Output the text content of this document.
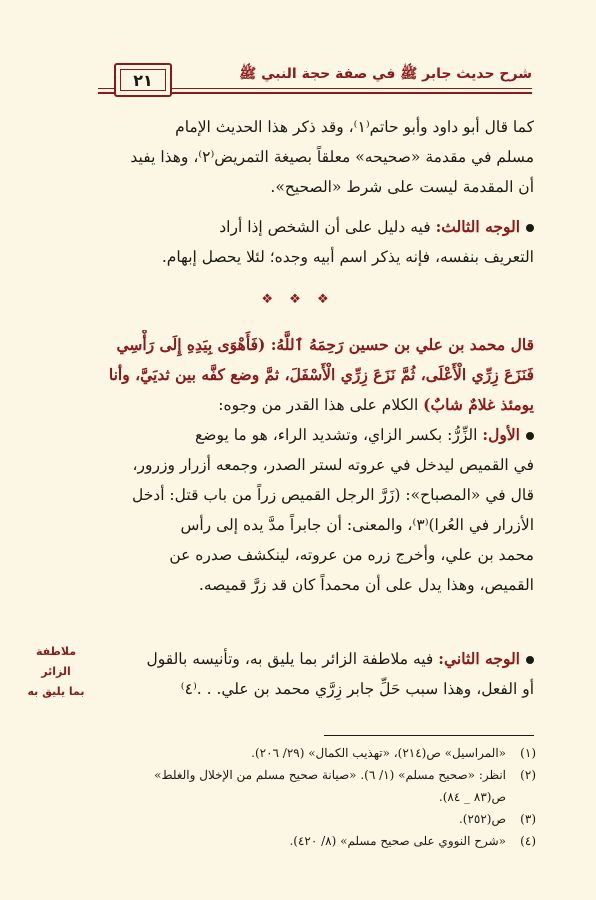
شرح حديث جابر ﷺ في صفة حجة النبي ﷺ
٢١
كما قال أبو داود وأبو حاتم⁽١⁾، وقد ذكر هذا الحديث الإمام
مسلم في مقدمة «صحيحه» معلقاً بصيغة التمريض⁽٢⁾، وهذا يفيد
أن المقدمة ليست على شرط «الصحيح».
الوجه الثالث: فيه دليل على أن الشخص إذا أراد
التعريف بنفسه، فإنه يذكر اسم أبيه وجده؛ لئلا يحصل إبهام.
❖ ❖ ❖
قال محمد بن علي بن حسين رَحِمَهُ ٱللَّهُ: (فَأَهْوَى بِيَدِهِ إِلَى رَأْسِي
فَنَزَعَ زِرِّي الْأَعْلَى، ثُمَّ نَزَعَ زِرِّي الْأَسْفَلَ، ثمَّ وضع كفَّه بين ثديَيَّ، وأنا
يومئذ غلامٌ شابٌ) الكلام على هذا القدر من وجوه:
الأول: الزِّرُّ: بكسر الزاي، وتشديد الراء، هو ما يوضع
في القميص ليدخل في عروته لستر الصدر، وجمعه أزرار وزرور،
قال في «المصباح»: (زَرَّ الرجل القميص زراً من باب قتل: أدخل
الأزرار في العُرا)⁽٣⁾، والمعنى: أن جابراً مدَّ يده إلى رأس
محمد بن علي، وأخرج زره من عروته، لينكشف صدره عن
القميص، وهذا يدل على أن محمداً كان قد زرَّ قميصه.
الوجه الثاني: فيه ملاطفة الزائر بما يليق به، وتأنيسه بالقول
أو الفعل، وهذا سبب حَلِّ جابر زِرَّي محمد بن علي. . .⁽٤⁾
ملاطفة الزائر
بما يليق به
(١)
«المراسيل» ص(٢١٤)، «تهذيب الكمال» (٢٩/ ٢٠٦).
(٢)
انظر: «صحيح مسلم» (١/ ٦). «صيانة صحيح مسلم من الإخلال والغلط»
ص(٨٣ _ ٨٤).
(٣)
ص(٢٥٢).
(٤)
«شرح النووي على صحيح مسلم» (٨/ ٤٢٠).
